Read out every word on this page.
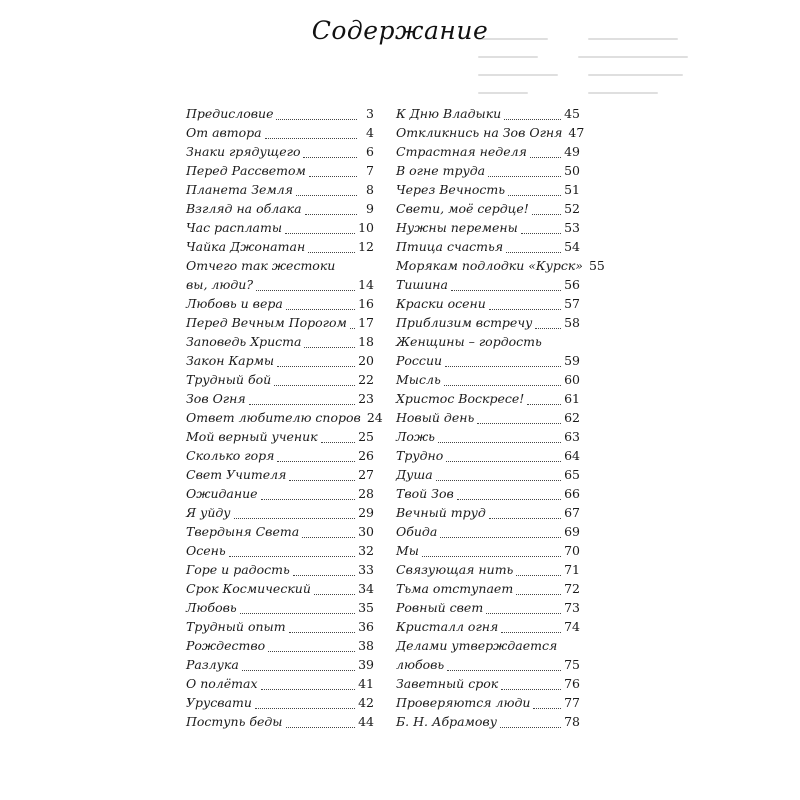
Содержание
Предисловие	3
От автора	4
Знаки грядущего	6
Перед Рассветом	7
Планета Земля	8
Взгляд на облака	9
Час расплаты	10
Чайка Джонатан	12
Отчего так жестоки
вы, люди?	14
Любовь и вера	16
Перед Вечным Порогом 17
Заповедь Христа	18
Закон Кармы	20
Трудный бой	22
Зов Огня	23
Ответ любителю споров 24
Мой верный ученик	25
Сколько горя	26
Свет Учителя	27
Ожидание	28
Я уйду	29
Твердыня Света	30
Осень	32
Горе и радость	33
Срок Космический	34
Любовь	35
Трудный опыт	36
Рождество	38
Разлука	39
О полётах	41
Урусвати	42
Поступь беды	44
К Дню Владыки	45
Откликнись на Зов Огня 47
Страстная неделя	49
В огне труда	50
Через Вечность	51
Свети, моё сердце!	52
Нужны перемены	53
Птица счастья	54
Морякам подлодки «Курск» 55
Тишина	56
Краски осени	57
Приблизим встречу	58
Женщины – гордость
России	59
Мысль	60
Христос Воскресе!	61
Новый день	62
Ложь	63
Трудно	64
Душа	65
Твой Зов	66
Вечный труд	67
Обида	69
Мы	70
Связующая нить	71
Тьма отступает	72
Ровный свет	73
Кристалл огня	74
Делами утверждается
любовь	75
Заветный срок	76
Проверяются люди	77
Б. Н. Абрамову	78
